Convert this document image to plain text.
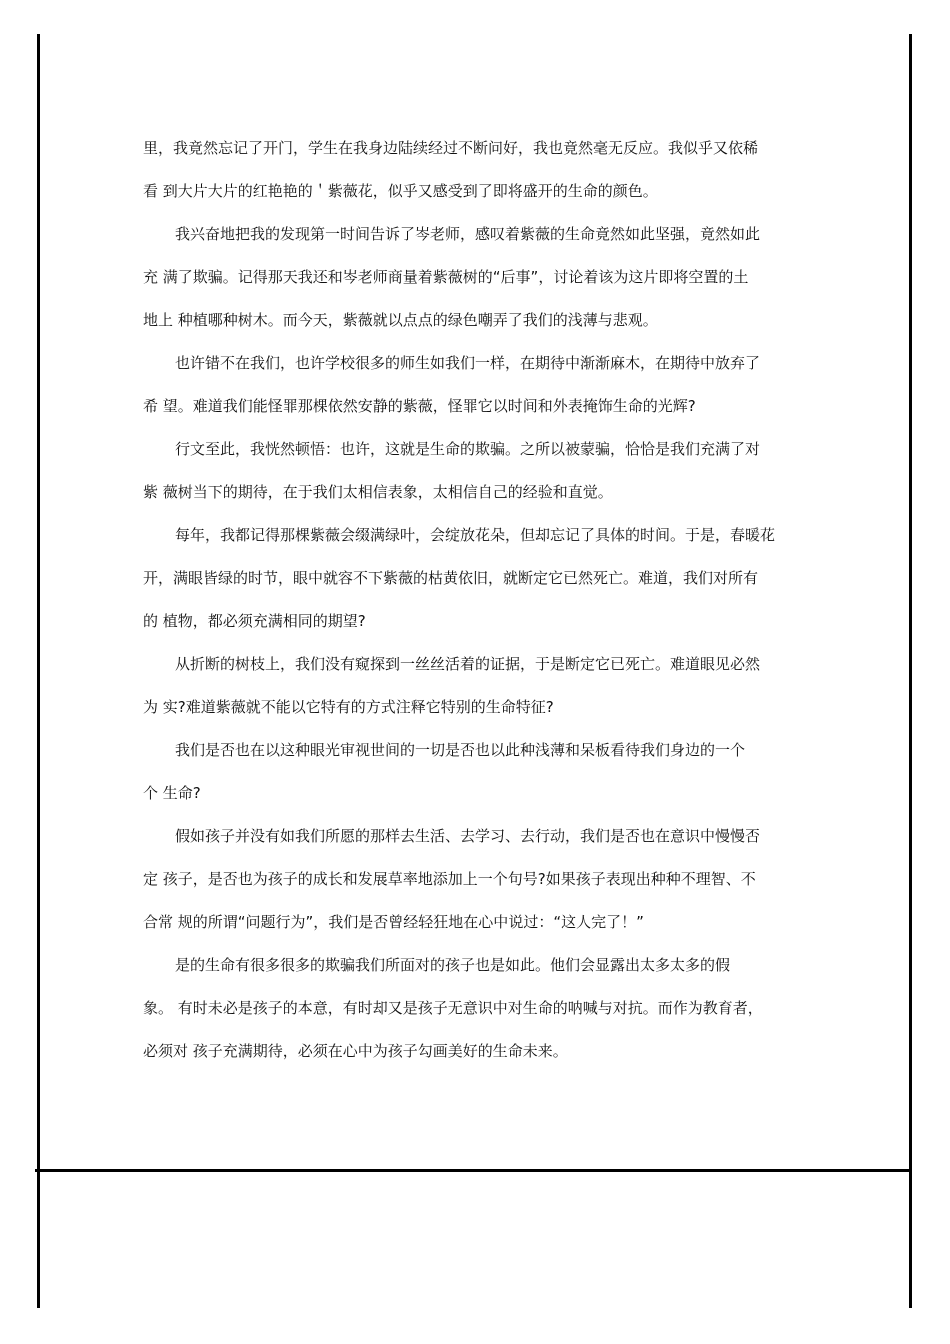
里，我竟然忘记了开门，学生在我身边陆续经过不断问好，我也竟然毫无反应。我似乎又依稀

看 到大片大片的红艳艳的＇紫薇花，似乎又感受到了即将盛开的生命的颜色。

我兴奋地把我的发现第一时间告诉了岑老师，感叹着紫薇的生命竟然如此坚强，竟然如此

充 满了欺骗。记得那天我还和岑老师商量着紫薇树的“后事”，讨论着该为这片即将空置的土

地上 种植哪种树木。而今天，紫薇就以点点的绿色嘲弄了我们的浅薄与悲观。

也许错不在我们，也许学校很多的师生如我们一样，在期待中渐渐麻木，在期待中放弃了

希 望。难道我们能怪罪那棵依然安静的紫薇，怪罪它以时间和外表掩饰生命的光辉?

行文至此，我恍然顿悟：也许，这就是生命的欺骗。之所以被蒙骗，恰恰是我们充满了对

紫 薇树当下的期待，在于我们太相信表象，太相信自己的经验和直觉。

每年，我都记得那棵紫薇会缀满绿叶，会绽放花朵，但却忘记了具体的时间。于是，春暖花

开，满眼皆绿的时节，眼中就容不下紫薇的枯黄依旧，就断定它已然死亡。难道，我们对所有

的 植物，都必须充满相同的期望?

从折断的树枝上，我们没有窥探到一丝丝活着的证据，于是断定它已死亡。难道眼见必然

为 实?难道紫薇就不能以它特有的方式注释它特别的生命特征?

我们是否也在以这种眼光审视世间的一切是否也以此种浅薄和呆板看待我们身边的一个

个 生命?

假如孩子并没有如我们所愿的那样去生活、去学习、去行动，我们是否也在意识中慢慢否

定 孩子，是否也为孩子的成长和发展草率地添加上一个句号?如果孩子表现出种种不理智、不

合常 规的所谓“问题行为”，我们是否曾经轻狂地在心中说过：“这人完了！”

是的生命有很多很多的欺骗我们所面对的孩子也是如此。他们会显露出太多太多的假

象。 有时未必是孩子的本意，有时却又是孩子无意识中对生命的呐喊与对抗。而作为教育者，

必须对 孩子充满期待，必须在心中为孩子勾画美好的生命未来。
